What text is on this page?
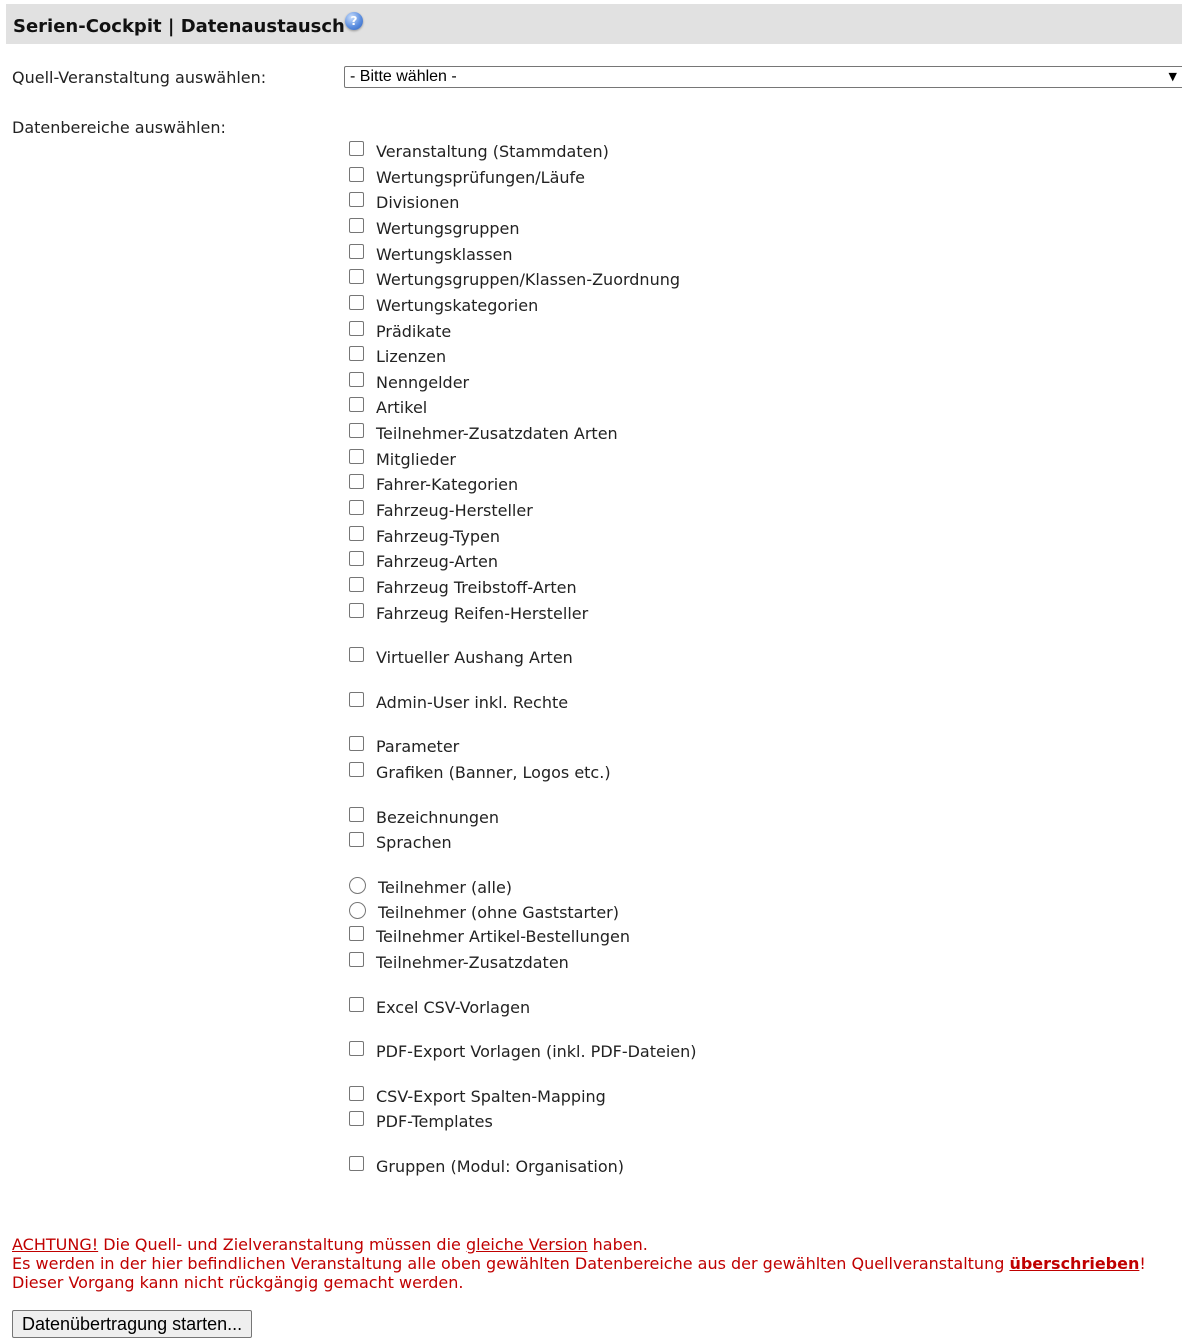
Serien-Cockpit | Datenaustausch ?
Quell-Veranstaltung auswählen:	- Bitte wählen -	▼
Datenbereiche auswählen:
Veranstaltung (Stammdaten)
Wertungsprüfungen/Läufe
Divisionen
Wertungsgruppen
Wertungsklassen
Wertungsgruppen/Klassen-Zuordnung
Wertungskategorien
Prädikate
Lizenzen
Nenngelder
Artikel
Teilnehmer-Zusatzdaten Arten
Mitglieder
Fahrer-Kategorien
Fahrzeug-Hersteller
Fahrzeug-Typen
Fahrzeug-Arten
Fahrzeug Treibstoff-Arten
Fahrzeug Reifen-Hersteller
Virtueller Aushang Arten
Admin-User inkl. Rechte
Parameter
Grafiken (Banner, Logos etc.)
Bezeichnungen
Sprachen
Teilnehmer (alle)
Teilnehmer (ohne Gaststarter)
Teilnehmer Artikel-Bestellungen
Teilnehmer-Zusatzdaten
Excel CSV-Vorlagen
PDF-Export Vorlagen (inkl. PDF-Dateien)
CSV-Export Spalten-Mapping
PDF-Templates
Gruppen (Modul: Organisation)
ACHTUNG! Die Quell- und Zielveranstaltung müssen die gleiche Version haben.
Es werden in der hier befindlichen Veranstaltung alle oben gewählten Datenbereiche aus der gewählten Quellveranstaltung überschrieben!
Dieser Vorgang kann nicht rückgängig gemacht werden.
Datenübertragung starten...
